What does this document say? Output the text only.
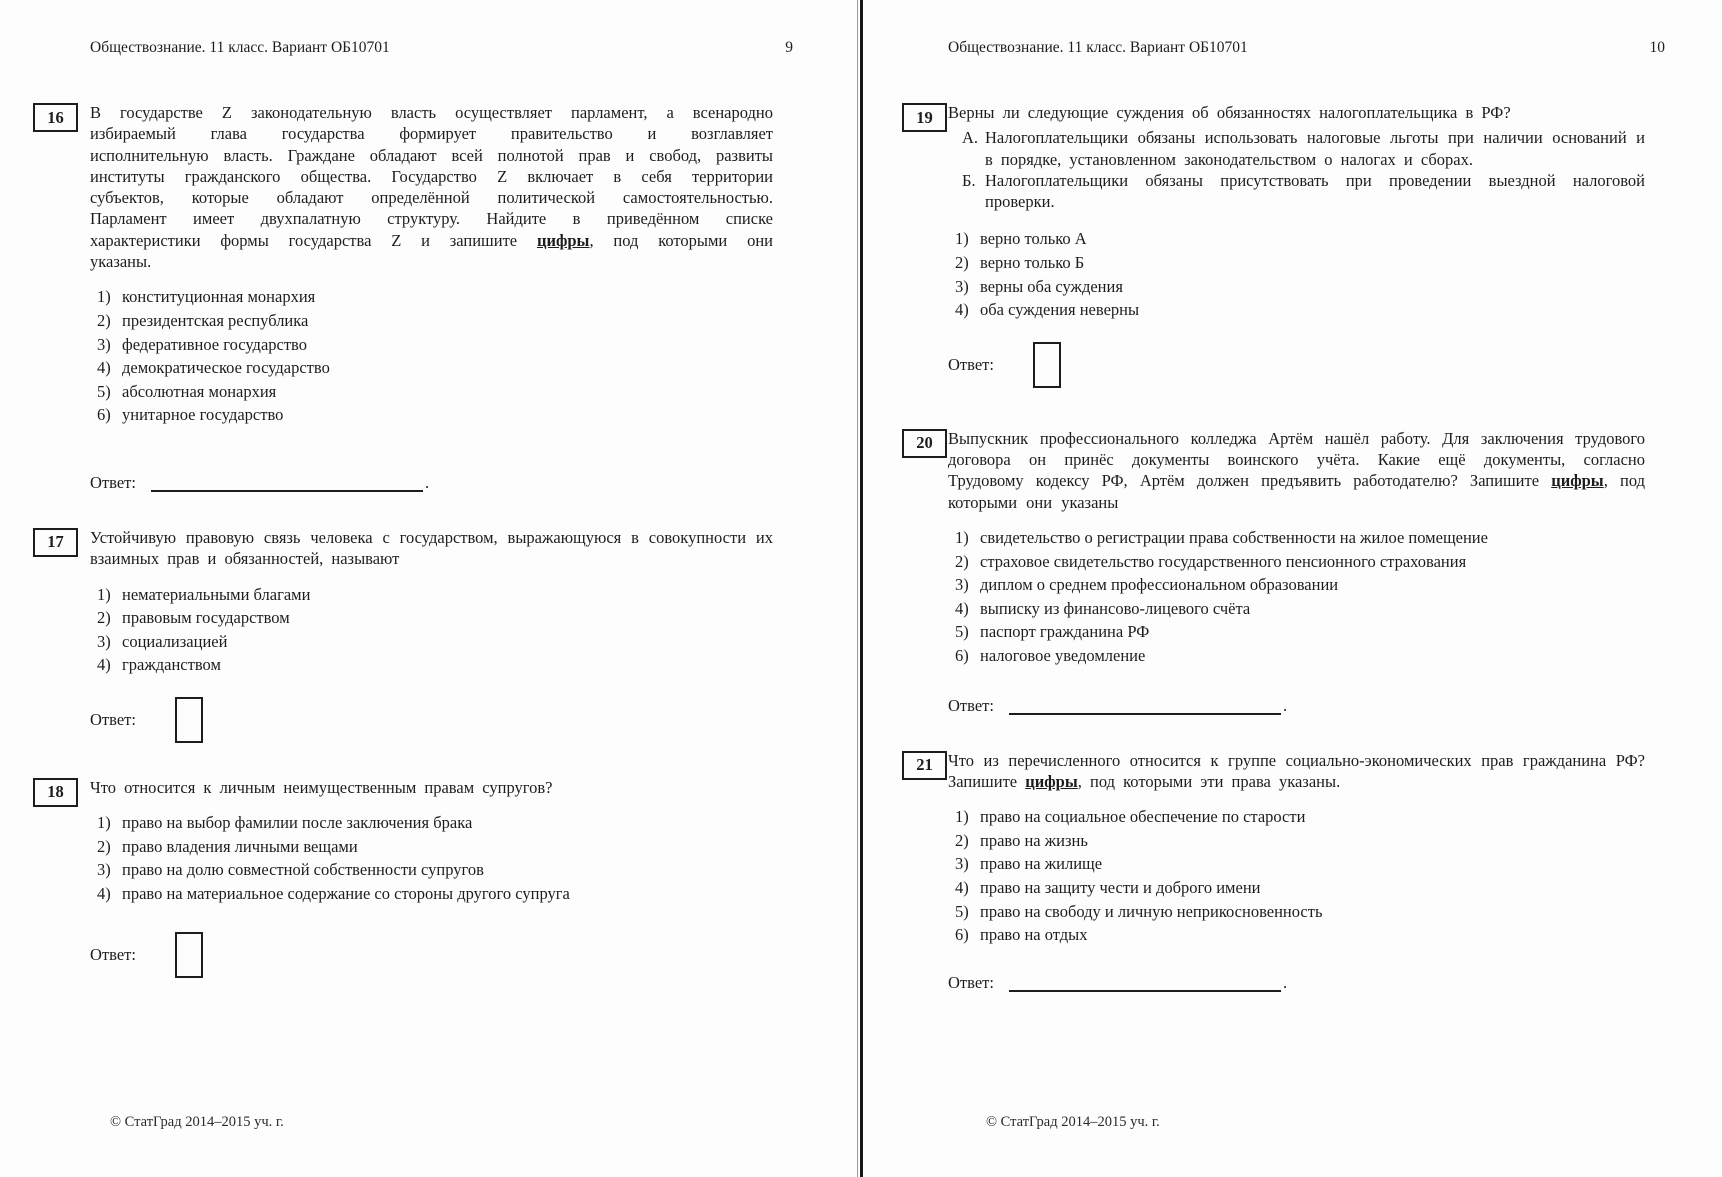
Обществознание. 11 класс. Вариант ОБ10701	9
16 В государстве Z законодательную власть осуществляет парламент, а всенародно избираемый глава государства формирует правительство и возглавляет исполнительную власть. Граждане обладают всей полнотой прав и свобод, развиты институты гражданского общества. Государство Z включает в себя территории субъектов, которые обладают определённой политической самостоятельностью. Парламент имеет двухпалатную структуру. Найдите в приведённом списке характеристики формы государства Z и запишите цифры, под которыми они указаны.

1) конституционная монархия
2) президентская республика
3) федеративное государство
4) демократическое государство
5) абсолютная монархия
6) унитарное государство
Ответ:	.
17 Устойчивую правовую связь человека с государством, выражающуюся в совокупности их взаимных прав и обязанностей, называют

1) нематериальными благами
2) правовым государством
3) социализацией
4) гражданством
Ответ:
18 Что относится к личным неимущественным правам супругов?

1) право на выбор фамилии после заключения брака
2) право владения личными вещами
3) право на долю совместной собственности супругов
4) право на материальное содержание со стороны другого супруга
Ответ:
© СтатГрад 2014–2015 уч. г.
Обществознание. 11 класс. Вариант ОБ10701	10
19 Верны ли следующие суждения об обязанностях налогоплательщика в РФ?

А. Налогоплательщики обязаны использовать налоговые льготы при наличии оснований и в порядке, установленном законодательством о налогах и сборах.
Б. Налогоплательщики обязаны присутствовать при проведении выездной налоговой проверки.
1) верно только А
2) верно только Б
3) верны оба суждения
4) оба суждения неверны
Ответ:
20 Выпускник профессионального колледжа Артём нашёл работу. Для заключения трудового договора он принёс документы воинского учёта. Какие ещё документы, согласно Трудовому кодексу РФ, Артём должен предъявить работодателю? Запишите цифры, под которыми они указаны

1) свидетельство о регистрации права собственности на жилое помещение
2) страховое свидетельство государственного пенсионного страхования
3) диплом о среднем профессиональном образовании
4) выписку из финансово-лицевого счёта
5) паспорт гражданина РФ
6) налоговое уведомление
Ответ:	.
21 Что из перечисленного относится к группе социально-экономических прав гражданина РФ? Запишите цифры, под которыми эти права указаны.

1) право на социальное обеспечение по старости
2) право на жизнь
3) право на жилище
4) право на защиту чести и доброго имени
5) право на свободу и личную неприкосновенность
6) право на отдых
Ответ:	.
© СтатГрад 2014–2015 уч. г.
